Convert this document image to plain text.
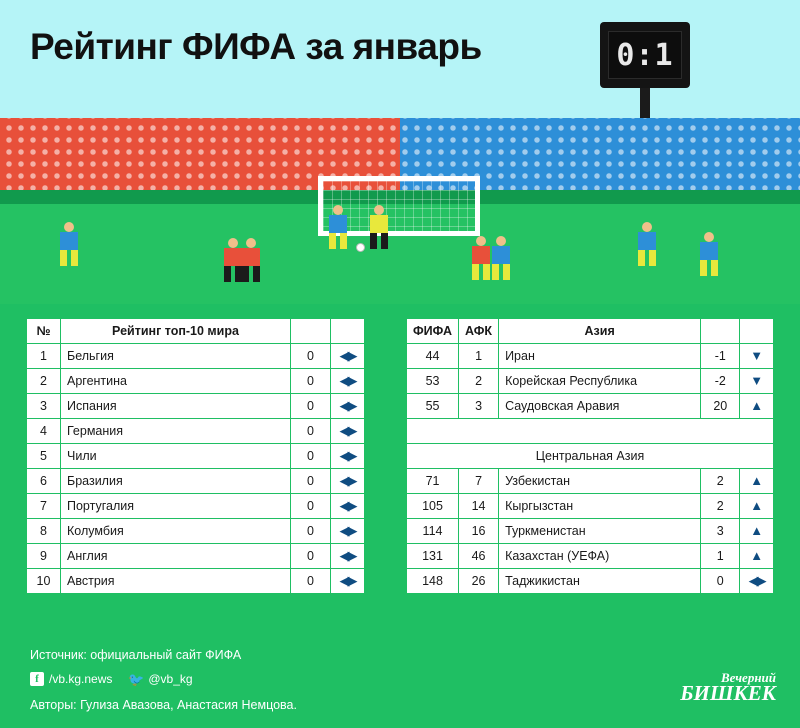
Рейтинг ФИФА за январь	0:1
№	Рейтинг топ-10 мира		
1	Бельгия	0	◀▶
2	Аргентина	0	◀▶
3	Испания	0	◀▶
4	Германия	0	◀▶
5	Чили	0	◀▶
6	Бразилия	0	◀▶
7	Португалия	0	◀▶
8	Колумбия	0	◀▶
9	Англия	0	◀▶
10	Австрия	0	◀▶
ФИФА	АФК	Азия		
44	1	Иран	-1	▼
53	2	Корейская Республика	-2	▼
55	3	Саудовская Аравия	20	▲

Центральная Азия				
71	7	Узбекистан	2	▲
105	14	Кыргызстан	2	▲
114	16	Туркменистан	3	▲
131	46	Казахстан (УЕФА)	1	▲
148	26	Таджикистан	0	◀▶
Источник: официальный сайт ФИФА
f /vb.kg.news 🐦 @vb_kg
Авторы: Гулиза Авазова, Анастасия Немцова.
Вечерний
БИШКЕК
